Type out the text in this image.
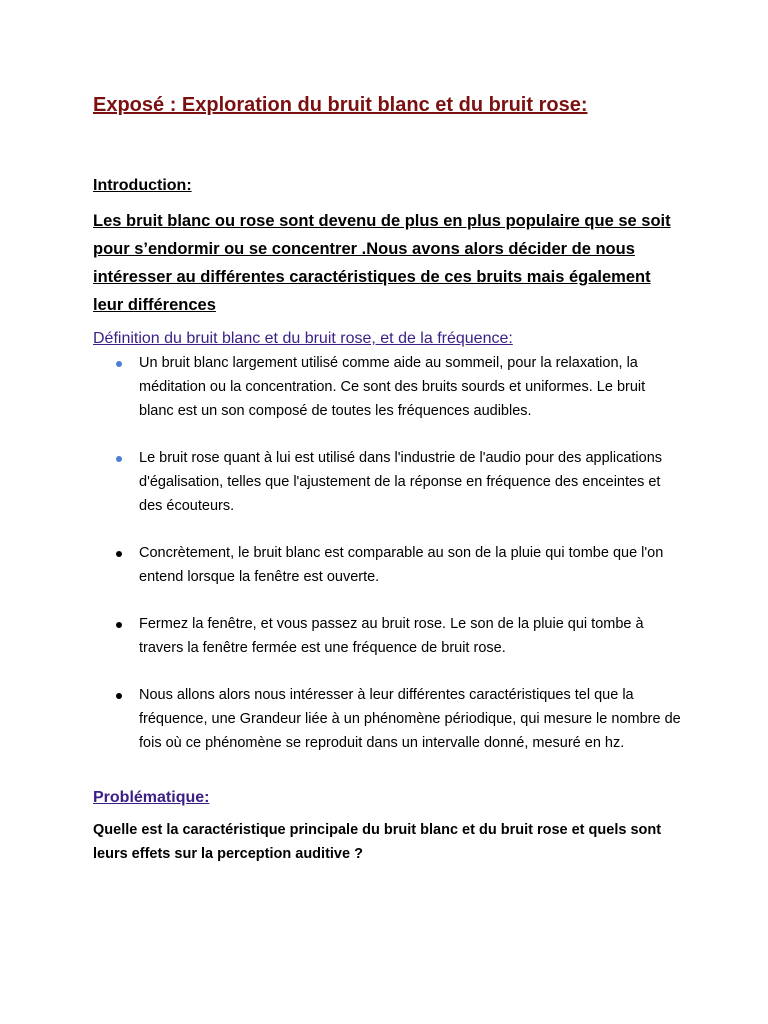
Exposé : Exploration du bruit blanc et du bruit rose:
Introduction:

Les bruit blanc ou rose sont devenu de plus en plus populaire que se soit pour s’endormir ou se concentrer .Nous avons alors décider de nous intéresser au différentes caractéristiques de ces bruits mais également leur différences

Définition du bruit blanc et du bruit rose, et de la fréquence:
Un bruit blanc largement utilisé comme aide au sommeil, pour la relaxation, la méditation ou la concentration. Ce sont des bruits sourds et uniformes. Le bruit blanc est un son composé de toutes les fréquences audibles.
Le bruit rose quant à lui est utilisé dans l'industrie de l'audio pour des applications d'égalisation, telles que l'ajustement de la réponse en fréquence des enceintes et des écouteurs.
Concrètement, le bruit blanc est comparable au son de la pluie qui tombe que l'on entend lorsque la fenêtre est ouverte.
Fermez la fenêtre, et vous passez au bruit rose. Le son de la pluie qui tombe à travers la fenêtre fermée est une fréquence de bruit rose.
Nous allons alors nous intéresser à leur différentes caractéristiques tel que la fréquence, une Grandeur liée à un phénomène périodique, qui mesure le nombre de fois où ce phénomène se reproduit dans un intervalle donné, mesuré en hz.
Problématique:

Quelle est la caractéristique principale du bruit blanc et du bruit rose et quels sont leurs effets sur la perception auditive ?
